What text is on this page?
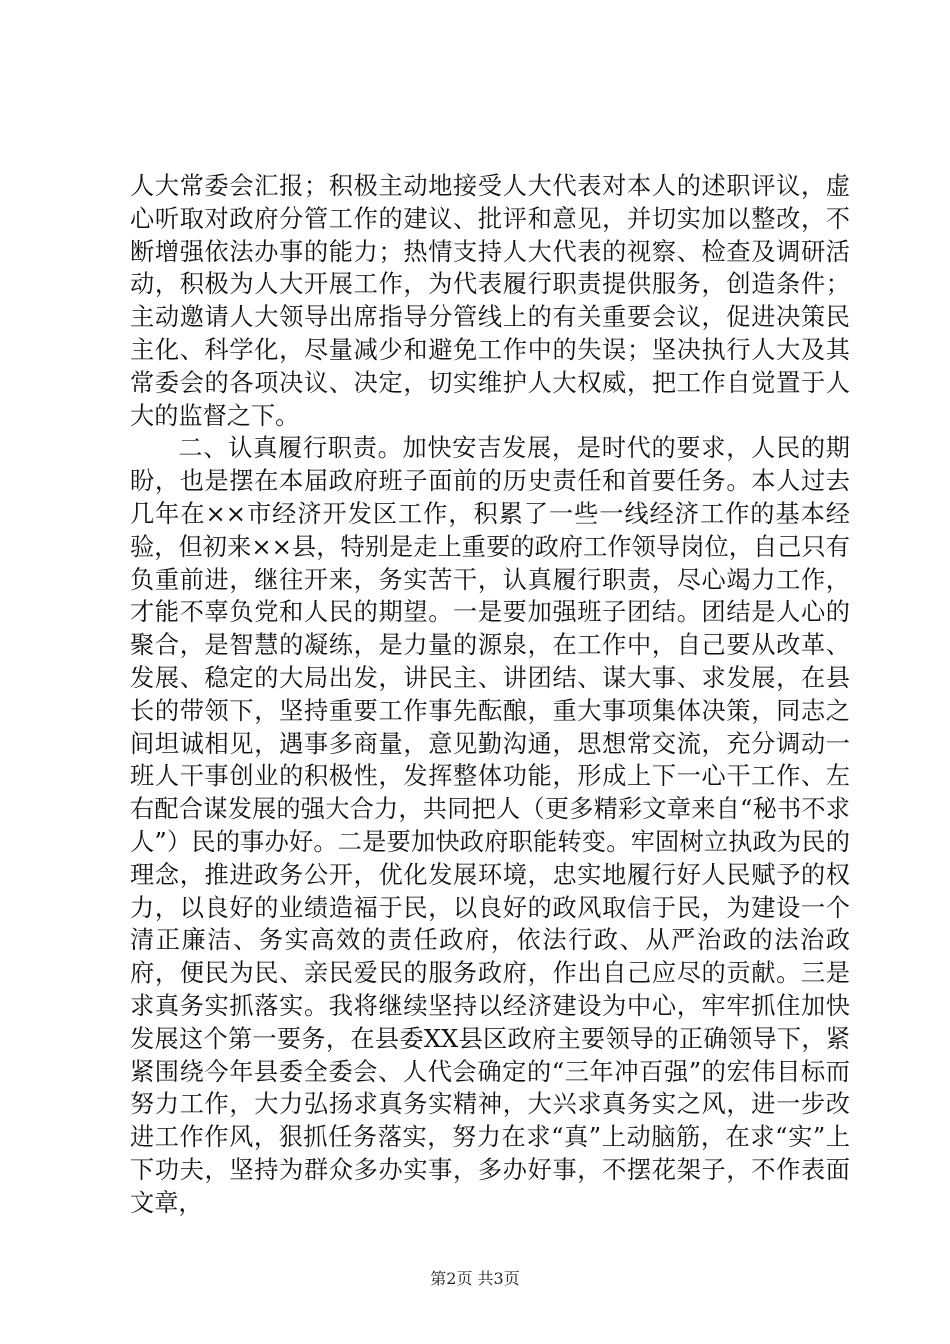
人大常委会汇报；积极主动地接受人大代表对本人的述职评议，虚心听取对政府分管工作的建议、批评和意见，并切实加以整改，不断增强依法办事的能力；热情支持人大代表的视察、检查及调研活动，积极为人大开展工作，为代表履行职责提供服务，创造条件；主动邀请人大领导出席指导分管线上的有关重要会议，促进决策民主化、科学化，尽量减少和避免工作中的失误；坚决执行人大及其常委会的各项决议、决定，切实维护人大权威，把工作自觉置于人大的监督之下。

二、认真履行职责。加快安吉发展，是时代的要求，人民的期盼，也是摆在本届政府班子面前的历史责任和首要任务。本人过去几年在××市经济开发区工作，积累了一些一线经济工作的基本经验，但初来××县，特别是走上重要的政府工作领导岗位，自己只有负重前进，继往开来，务实苦干，认真履行职责，尽心竭力工作，才能不辜负党和人民的期望。一是要加强班子团结。团结是人心的聚合，是智慧的凝练，是力量的源泉，在工作中，自己要从改革、发展、稳定的大局出发，讲民主、讲团结、谋大事、求发展，在县长的带领下，坚持重要工作事先酝酿，重大事项集体决策，同志之间坦诚相见，遇事多商量，意见勤沟通，思想常交流，充分调动一班人干事创业的积极性，发挥整体功能，形成上下一心干工作、左右配合谋发展的强大合力，共同把人（更多精彩文章来自“秘书不求人”）民的事办好。二是要加快政府职能转变。牢固树立执政为民的理念，推进政务公开，优化发展环境，忠实地履行好人民赋予的权力，以良好的业绩造福于民，以良好的政风取信于民，为建设一个清正廉洁、务实高效的责任政府，依法行政、从严治政的法治政府，便民为民、亲民爱民的服务政府，作出自己应尽的贡献。三是求真务实抓落实。我将继续坚持以经济建设为中心，牢牢抓住加快发展这个第一要务，在县委XX县区政府主要领导的正确领导下，紧紧围绕今年县委全委会、人代会确定的“三年冲百强”的宏伟目标而努力工作，大力弘扬求真务实精神，大兴求真务实之风，进一步改进工作作风，狠抓任务落实，努力在求“真”上动脑筋，在求“实”上下功夫，坚持为群众多办实事，多办好事，不摆花架子，不作表面文章，

第2页 共3页
